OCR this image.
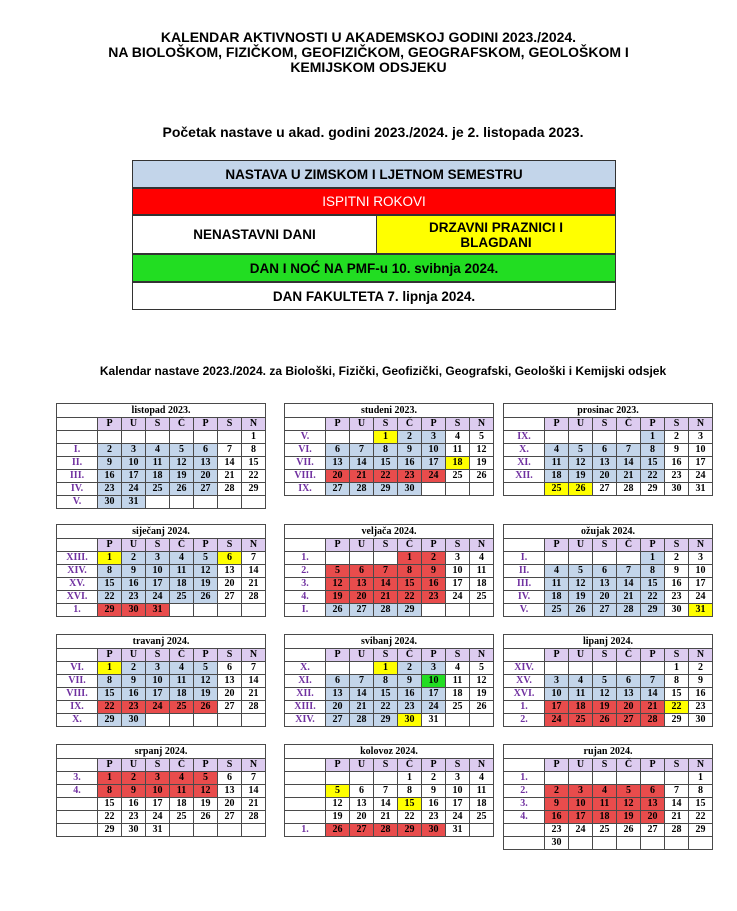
KALENDAR AKTIVNOSTI U AKADEMSKOJ GODINI 2023./2024.
NA BIOLOŠKOM, FIZIČKOM, GEOFIZIČKOM, GEOGRAFSKOM, GEOLOŠKOM I
KEMIJSKOM ODSJEKU
Početak nastave u akad. godini 2023./2024. je 2. listopada 2023.
NASTAVA U ZIMSKOM I LJETNOM SEMESTRU
ISPITNI ROKOVI
NENASTAVNI DANI	DRZAVNI PRAZNICI I BLAGDANI
DAN I NOĆ NA PMF-u 10. svibnja 2024.
DAN FAKULTETA 7. lipnja 2024.
Kalendar nastave 2023./2024. za Biološki, Fizički, Geofizički, Geografski, Geološki i Kemijski odsjek
listopad 2023.							
	P	U	S	Č	P	S	N
							1
I.	2	3	4	5	6	7	8
II.	9	10	11	12	13	14	15
III.	16	17	18	19	20	21	22
IV.	23	24	25	26	27	28	29
V.	30	31					
studeni 2023.							
	P	U	S	Č	P	S	N
V.			1	2	3	4	5
VI.	6	7	8	9	10	11	12
VII.	13	14	15	16	17	18	19
VIII.	20	21	22	23	24	25	26
IX.	27	28	29	30			
prosinac 2023.							
	P	U	S	Č	P	S	N
IX.					1	2	3
X.	4	5	6	7	8	9	10
XI.	11	12	13	14	15	16	17
XII.	18	19	20	21	22	23	24
	25	26	27	28	29	30	31
siječanj 2024.							
	P	U	S	Č	P	S	N
XIII.	1	2	3	4	5	6	7
XIV.	8	9	10	11	12	13	14
XV.	15	16	17	18	19	20	21
XVI.	22	23	24	25	26	27	28
1.	29	30	31				
veljača 2024.							
	P	U	S	Č	P	S	N
1.				1	2	3	4
2.	5	6	7	8	9	10	11
3.	12	13	14	15	16	17	18
4.	19	20	21	22	23	24	25
I.	26	27	28	29			
ožujak 2024.							
	P	U	S	Č	P	S	N
I.					1	2	3
II.	4	5	6	7	8	9	10
III.	11	12	13	14	15	16	17
IV.	18	19	20	21	22	23	24
V.	25	26	27	28	29	30	31
travanj 2024.							
	P	U	S	Č	P	S	N
VI.	1	2	3	4	5	6	7
VII.	8	9	10	11	12	13	14
VIII.	15	16	17	18	19	20	21
IX.	22	23	24	25	26	27	28
X.	29	30					
svibanj 2024.							
	P	U	S	Č	P	S	N
X.			1	2	3	4	5
XI.	6	7	8	9	10	11	12
XII.	13	14	15	16	17	18	19
XIII.	20	21	22	23	24	25	26
XIV.	27	28	29	30	31		
lipanj 2024.							
	P	U	S	Č	P	S	N
XIV.						1	2
XV.	3	4	5	6	7	8	9
XVI.	10	11	12	13	14	15	16
1.	17	18	19	20	21	22	23
2.	24	25	26	27	28	29	30
srpanj 2024.							
	P	U	S	Č	P	S	N
3.	1	2	3	4	5	6	7
4.	8	9	10	11	12	13	14
	15	16	17	18	19	20	21
	22	23	24	25	26	27	28
	29	30	31				
kolovoz 2024.							
	P	U	S	Č	P	S	N
				1	2	3	4
	5	6	7	8	9	10	11
	12	13	14	15	16	17	18
	19	20	21	22	23	24	25
1.	26	27	28	29	30	31	
rujan 2024.							
	P	U	S	Č	P	S	N
1.							1
2.	2	3	4	5	6	7	8
3.	9	10	11	12	13	14	15
4.	16	17	18	19	20	21	22
	23	24	25	26	27	28	29
	30						
